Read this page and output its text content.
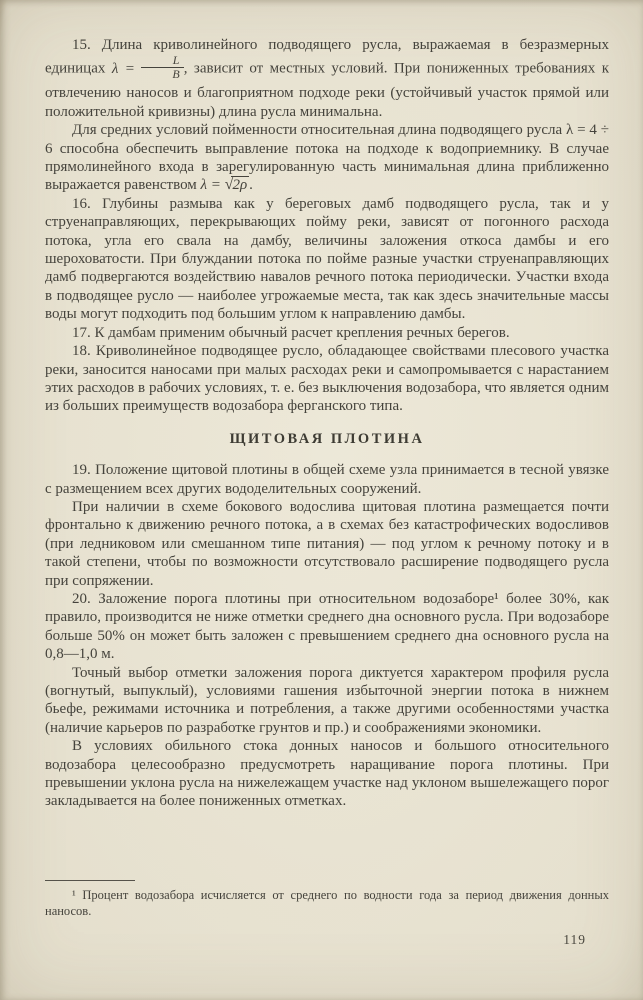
15. Длина криволинейного подводящего русла, выражаемая в безразмерных единицах $\lambda = \frac{L}{B}$ , зависит от местных условий. При пониженных требованиях к отвлечению наносов и благоприятном подходе реки (устойчивый участок прямой или положительной кривизны) длина русла минимальна.

Для средних условий пойменности относительная длина подводящего русла λ = 4 ÷ 6 способна обеспечить выправление потока на подходе к водоприемнику. В случае прямолинейного входа в зарегулированную часть минимальная длина приближенно выражается равенством λ = √2ρ .

16. Глубины размыва как у береговых дамб подводящего русла, так и у струенаправляющих, перекрывающих пойму реки, зависят от погонного расхода потока, угла его свала на дамбу, величины заложения откоса дамбы и его шероховатости. При блуждании потока по пойме разные участки струенаправляющих дамб подвергаются воздействию навалов речного потока периодически. Участки входа в подводящее русло — наиболее угрожаемые места, так как здесь значительные массы воды могут подходить под большим углом к направлению дамбы.

17. К дамбам применим обычный расчет крепления речных берегов.

18. Криволинейное подводящее русло, обладающее свойствами плесового участка реки, заносится наносами при малых расходах реки и самопромывается с нарастанием этих расходов в рабочих условиях, т. е. без выключения водозабора, что является одним из больших преимуществ водозабора ферганского типа.

ЩИТОВАЯ ПЛОТИНА

19. Положение щитовой плотины в общей схеме узла принимается в тесной увязке с размещением всех других вододелительных сооружений.

При наличии в схеме бокового водослива щитовая плотина размещается почти фронтально к движению речного потока, а в схемах без катастрофических водосливов (при ледниковом или смешанном типе питания) — под углом к речному потоку и в такой степени, чтобы по возможности отсутствовало расширение подводящего русла при сопряжении.

20. Заложение порога плотины при относительном водозаборе¹ более 30%, как правило, производится не ниже отметки среднего дна основного русла. При водозаборе больше 50% он может быть заложен с превышением среднего дна основного русла на 0,8—1,0 м.

Точный выбор отметки заложения порога диктуется характером профиля русла (вогнутый, выпуклый), условиями гашения избыточной энергии потока в нижнем бьефе, режимами источника и потребления, а также другими особенностями участка (наличие карьеров по разработке грунтов и пр.) и соображениями экономики.

В условиях обильного стока донных наносов и большого относительного водозабора целесообразно предусмотреть наращивание порога плотины. При превышении уклона русла на нижележащем участке над уклоном вышележащего порог закладывается на более пониженных отметках.

¹ Процент водозабора исчисляется от среднего по водности года за период движения донных наносов.

119
